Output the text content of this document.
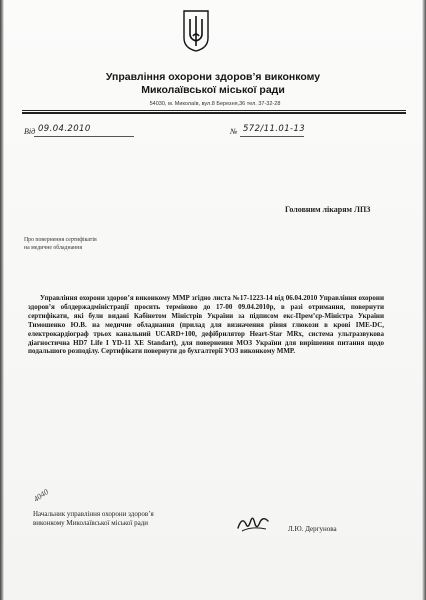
Управління охорони здоров’я виконкому
Миколаївської міської ради
54030, м. Миколаїв, вул.8 Березня,36 тел. 37-32-28
Від 09.04.2010	№ 572/11.01-13
Головним лікарям ЛПЗ
Про повернення сертифікатів
на медичне обладнання

Управління охорони здоров’я виконкому ММР згідно листа №17-1223-14 від 06.04.2010 Управління охорони здоров’я облдержадміністрації просить терміново до 17-00 09.04.2010р, в разі отримання, повернути сертифікати, які були видані Кабінетом Міністрів України за підписом екс-Прем’єр-Міністра України Тимошенко Ю.В. на медичне обладнання (прилад для визначення рівня глюкози в крові IME-DC, електрокардіограф трьох канальний UCARD+100, дефібрилятор Heart-Star MRx, система ультразвукова діагностична HD7 Life I YD-11 XE Standart), для повернення МОЗ України для вирішення питання щодо подальшого розподілу. Сертифікати повернути до бухгалтерії УОЗ виконкому ММР.

4040
Начальник управління охорони здоров’я
виконкому Миколаївської міської ради
Л.Ю. Дергунова
